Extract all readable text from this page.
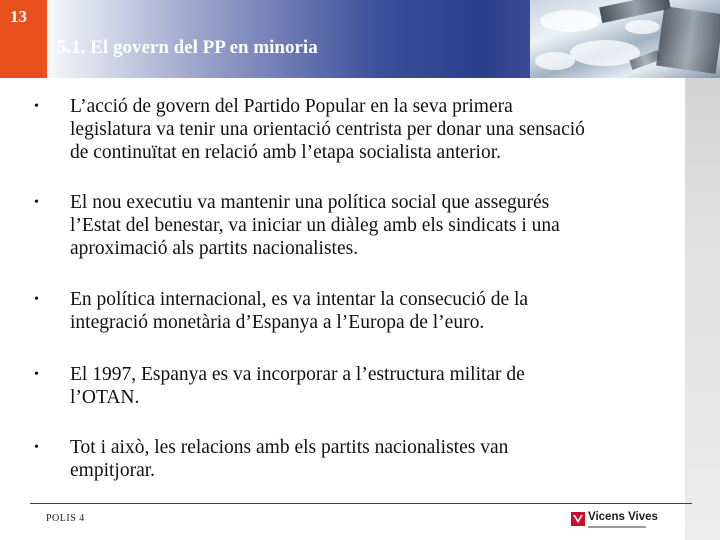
13
5.1. El govern del PP en minoria
•	L’acció de govern del Partido Popular en la seva primera
legislatura va tenir una orientació centrista per donar una sensació
de continuïtat en relació amb l’etapa socialista anterior.
•	El nou executiu va mantenir una política social que assegurés
l’Estat del benestar, va iniciar un diàleg amb els sindicats i una
aproximació als partits nacionalistes.
•	En política internacional, es va intentar la consecució de la
integració monetària d’Espanya a l’Europa de l’euro.
•	El 1997, Espanya es va incorporar a l’estructura militar de
l’OTAN.
•	Tot i això, les relacions amb els partits nacionalistes van
empitjorar.
POLIS 4	Vicens Vives
